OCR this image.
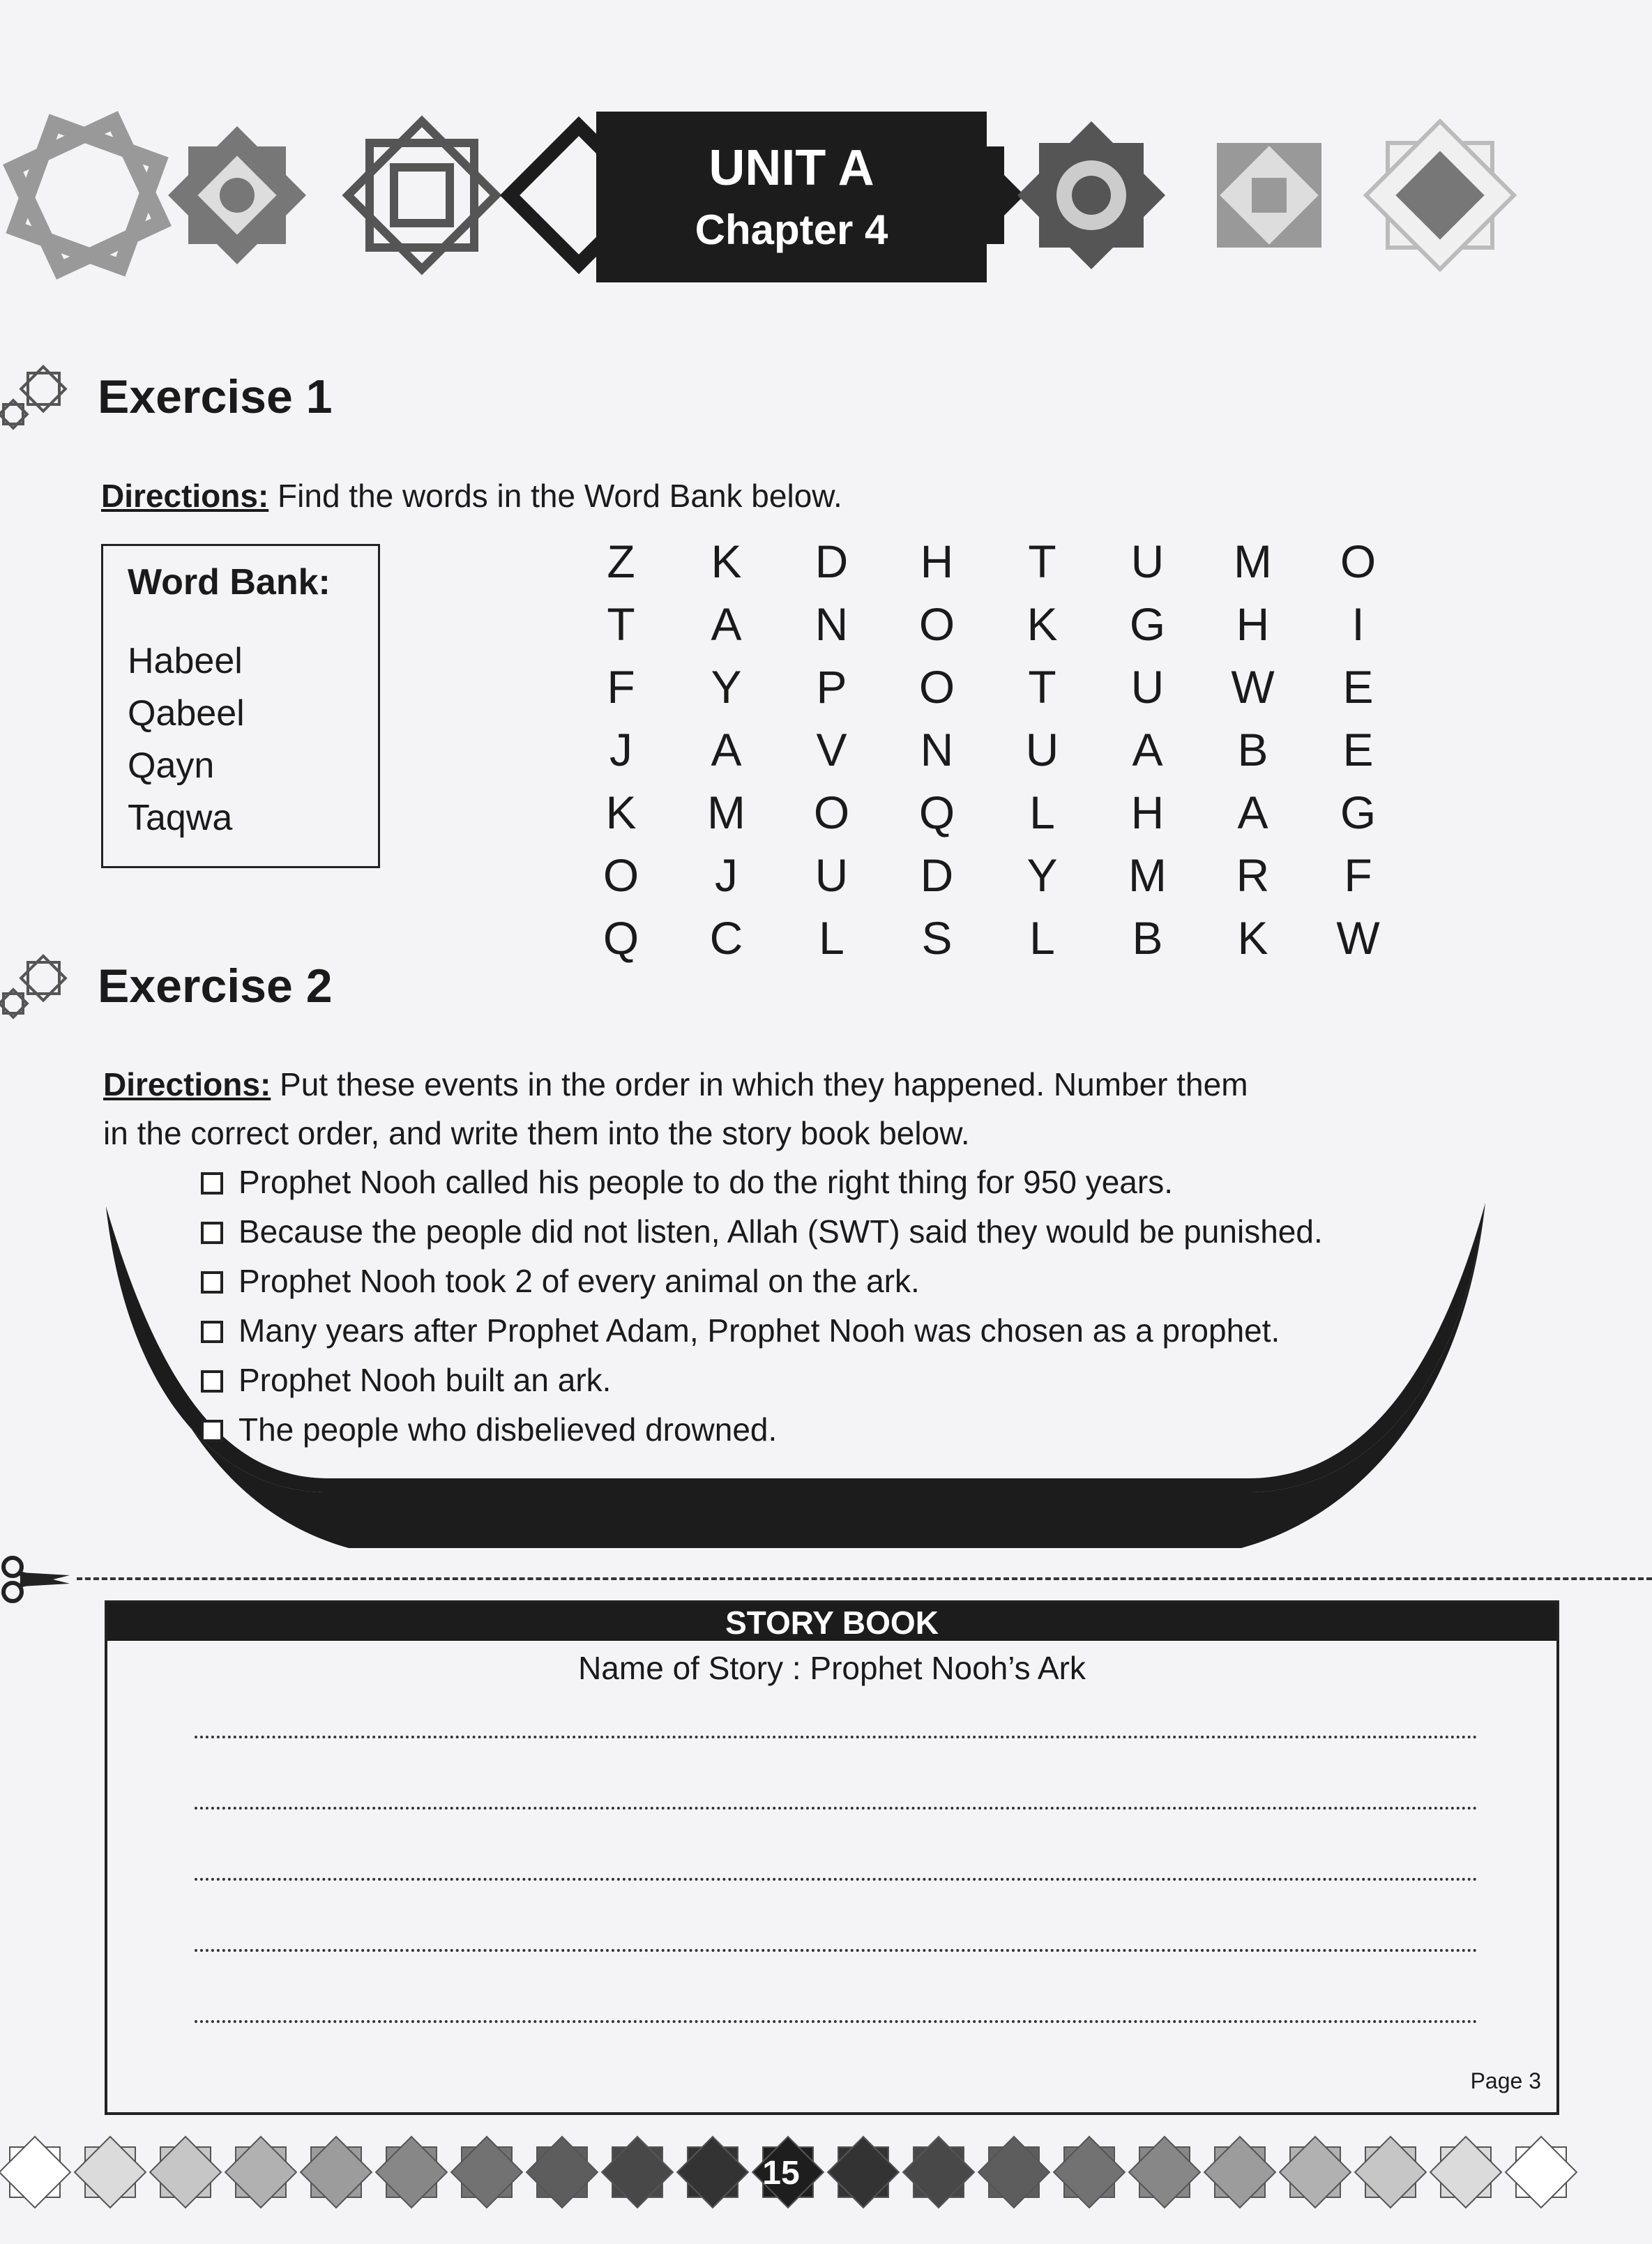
UNIT A
Chapter 4
Exercise 1
Directions: Find the words in the Word Bank below.
Word Bank:
Habeel
Qabeel
Qayn
Taqwa
Z K D H T U M O
T A N O K G H I
F Y P O T U W E
J A V N U A B E
K M O Q L H A G
O J U D Y M R F
Q C L S L B K W
Exercise 2
Directions: Put these events in the order in which they happened. Number them
in the correct order, and write them into the story book below.
Prophet Nooh called his people to do the right thing for 950 years.
Because the people did not listen, Allah (SWT) said they would be punished.
Prophet Nooh took 2 of every animal on the ark.
Many years after Prophet Adam, Prophet Nooh was chosen as a prophet.
Prophet Nooh built an ark.
The people who disbelieved drowned.
STORY BOOK
Name of Story : Prophet Nooh’s Ark
Page 3
15
